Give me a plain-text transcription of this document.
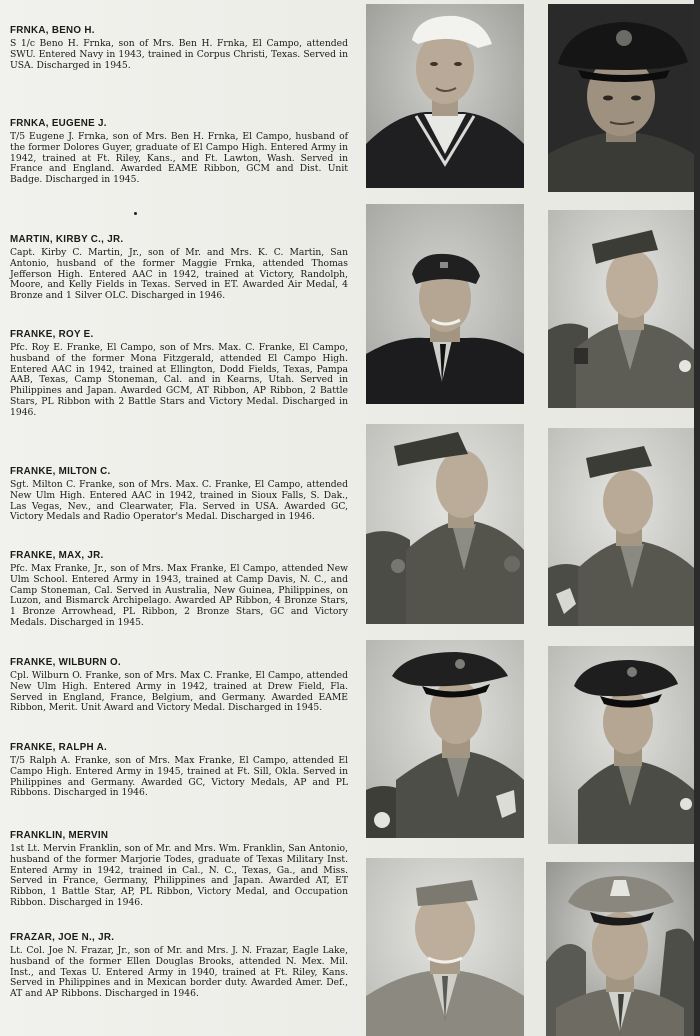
FRNKA, BENO H.

S 1/c Beno H. Frnka, son of Mrs. Ben H. Frnka, El Campo, attended SWU. Entered Navy in 1943, trained in Corpus Christi, Texas. Served in USA. Discharged in 1945.

FRNKA, EUGENE J.

T/5 Eugene J. Frnka, son of Mrs. Ben H. Frnka, El Campo, husband of the former Dolores Guyer, graduate of El Campo High. Entered Army in 1942, trained at Ft. Riley, Kans., and Ft. Lawton, Wash. Served in France and England. Awarded EAME Ribbon, GCM and Dist. Unit Badge. Discharged in 1945.

MARTIN, KIRBY C., JR.

Capt. Kirby C. Martin, Jr., son of Mr. and Mrs. K. C. Martin, San Antonio, husband of the former Maggie Frnka, attended Thomas Jefferson High. Entered AAC in 1942, trained at Victory, Randolph, Moore, and Kelly Fields in Texas. Served in ET. Awarded Air Medal, 4 Bronze and 1 Silver OLC. Discharged in 1946.

FRANKE, ROY E.

Pfc. Roy E. Franke, El Campo, son of Mrs. Max. C. Franke, El Campo, husband of the former Mona Fitzgerald, attended El Campo High. Entered AAC in 1942, trained at Ellington, Dodd Fields, Texas, Pampa AAB, Texas, Camp Stoneman, Cal. and in Kearns, Utah. Served in Philippines and Japan. Awarded GCM, AT Ribbon, AP Ribbon, 2 Battle Stars, PL Ribbon with 2 Battle Stars and Victory Medal. Discharged in 1946.

FRANKE, MILTON C.

Sgt. Milton C. Franke, son of Mrs. Max. C. Franke, El Campo, attended New Ulm High. Entered AAC in 1942, trained in Sioux Falls, S. Dak., Las Vegas, Nev., and Clearwater, Fla. Served in USA. Awarded GC, Victory Medals and Radio Operator's Medal. Discharged in 1946.

FRANKE, MAX, JR.

Pfc. Max Franke, Jr., son of Mrs. Max Franke, El Campo, attended New Ulm School. Entered Army in 1943, trained at Camp Davis, N. C., and Camp Stoneman, Cal. Served in Australia, New Guinea, Philippines, on Luzon, and Bismarck Archipelago. Awarded AP Ribbon, 4 Bronze Stars, 1 Bronze Arrowhead, PL Ribbon, 2 Bronze Stars, GC and Victory Medals. Discharged in 1945.

FRANKE, WILBURN O.

Cpl. Wilburn O. Franke, son of Mrs. Max C. Franke, El Campo, attended New Ulm High. Entered Army in 1942, trained at Drew Field, Fla. Served in England, France, Belgium, and Germany. Awarded EAME Ribbon, Merit. Unit Award and Victory Medal. Discharged in 1945.

FRANKE, RALPH A.

T/5 Ralph A. Franke, son of Mrs. Max Franke, El Campo, attended El Campo High. Entered Army in 1945, trained at Ft. Sill, Okla. Served in Philippines and Germany. Awarded GC, Victory Medals, AP and PL Ribbons. Discharged in 1946.

FRANKLIN, MERVIN

1st Lt. Mervin Franklin, son of Mr. and Mrs. Wm. Franklin, San Antonio, husband of the former Marjorie Todes, graduate of Texas Military Inst. Entered Army in 1942, trained in Cal., N. C., Texas, Ga., and Miss. Served in France, Germany, Philippines and Japan. Awarded AT, ET Ribbon, 1 Battle Star, AP, PL Ribbon, Victory Medal, and Occupation Ribbon. Discharged in 1946.

FRAZAR, JOE N., JR.

Lt. Col. Joe N. Frazar, Jr., son of Mr. and Mrs. J. N. Frazar, Eagle Lake, husband of the former Ellen Douglas Brooks, attended N. Mex. Mil. Inst., and Texas U. Entered Army in 1940, trained at Ft. Riley, Kans. Served in Philippines and in Mexican border duty. Awarded Amer. Def., AT and AP Ribbons. Discharged in 1946.
